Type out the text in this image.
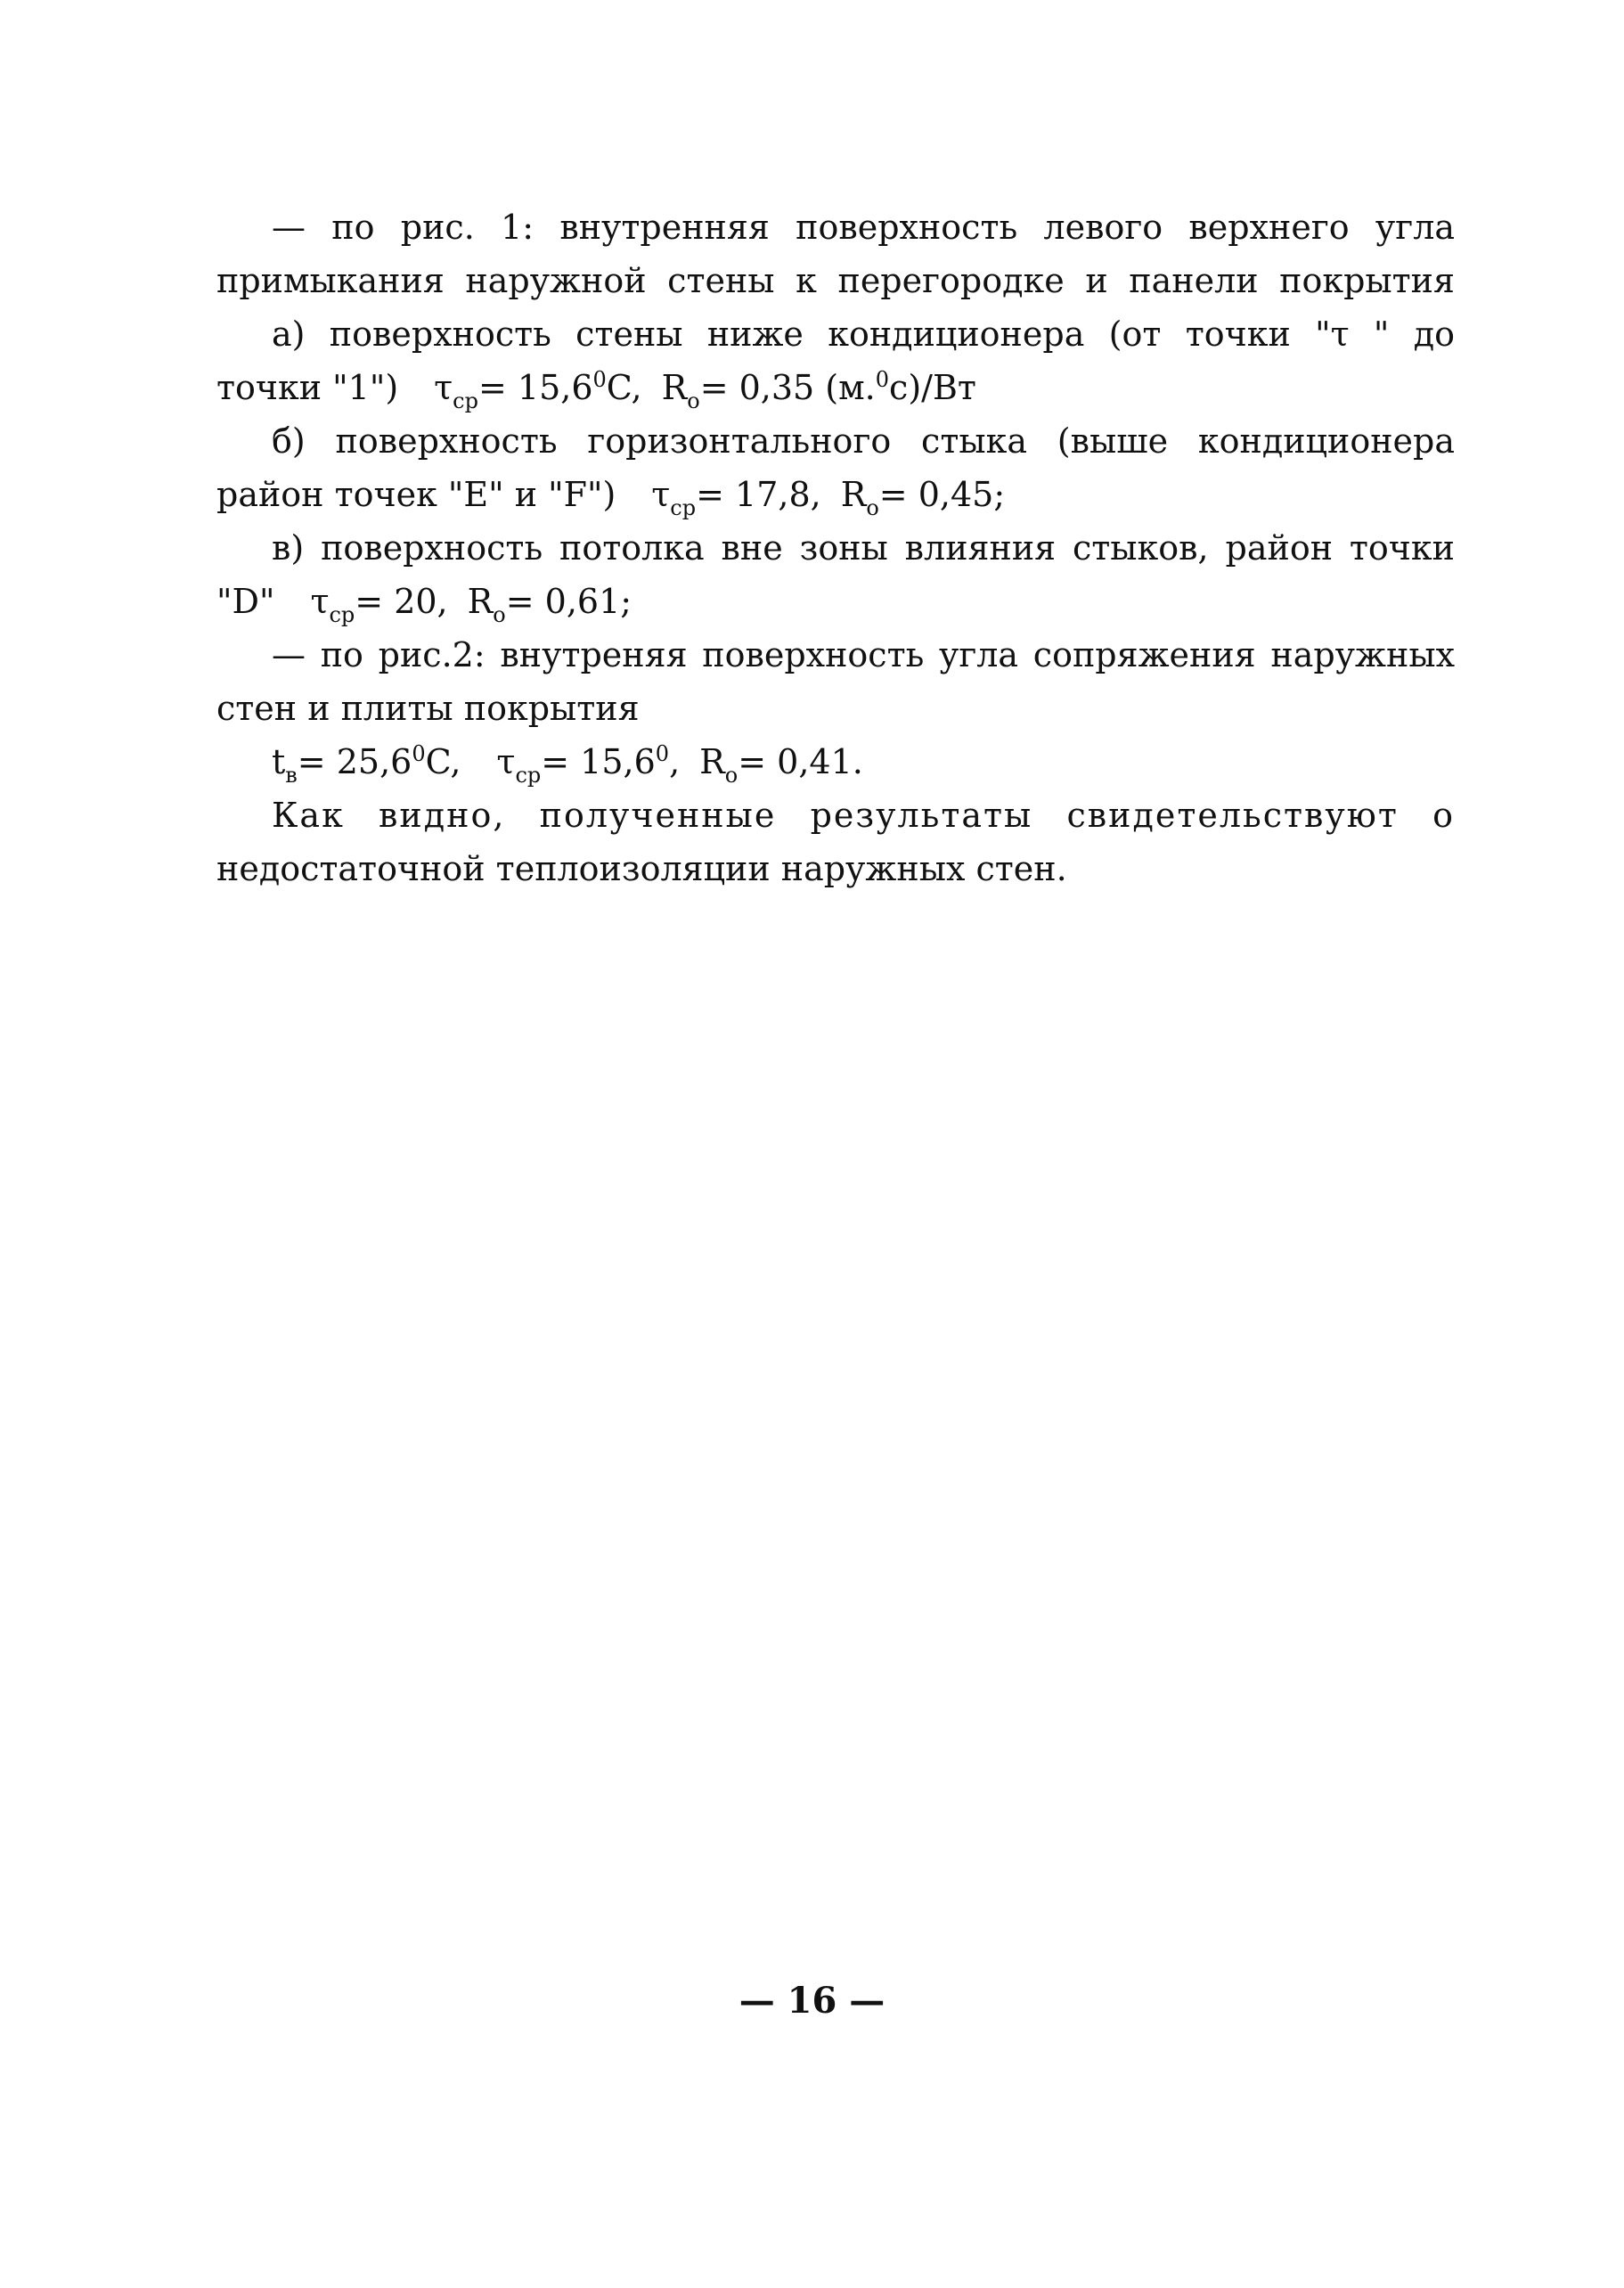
— по рис. 1: внутренняя поверхность левого верхнего угла
примыкания наружной стены к перегородке и панели покрытия
а) поверхность стены ниже кондиционера (от точки "τ " до
точки "1") $\tau_{ср}= 15,6^0C$, $R_о= 0,35$ (м.$^0$с)/Вт
б) поверхность горизонтального стыка (выше кондиционера
район точек "E" и "F") $\tau_{ср}= 17,8$, $R_о= 0,45$;
в) поверхность потолка вне зоны влияния стыков, район точки
"D" $\tau_{ср}= 20$, $R_о= 0,61$;
— по рис.2: внутреняя поверхность угла сопряжения наружных
стен и плиты покрытия
$t_в= 25,6^0C$, $\tau_{ср}= 15,6^0$, $R_о= 0,41$.
Как видно, полученные результаты свидетельствуют о
недостаточной теплоизоляции наружных стен.
— 16 —
